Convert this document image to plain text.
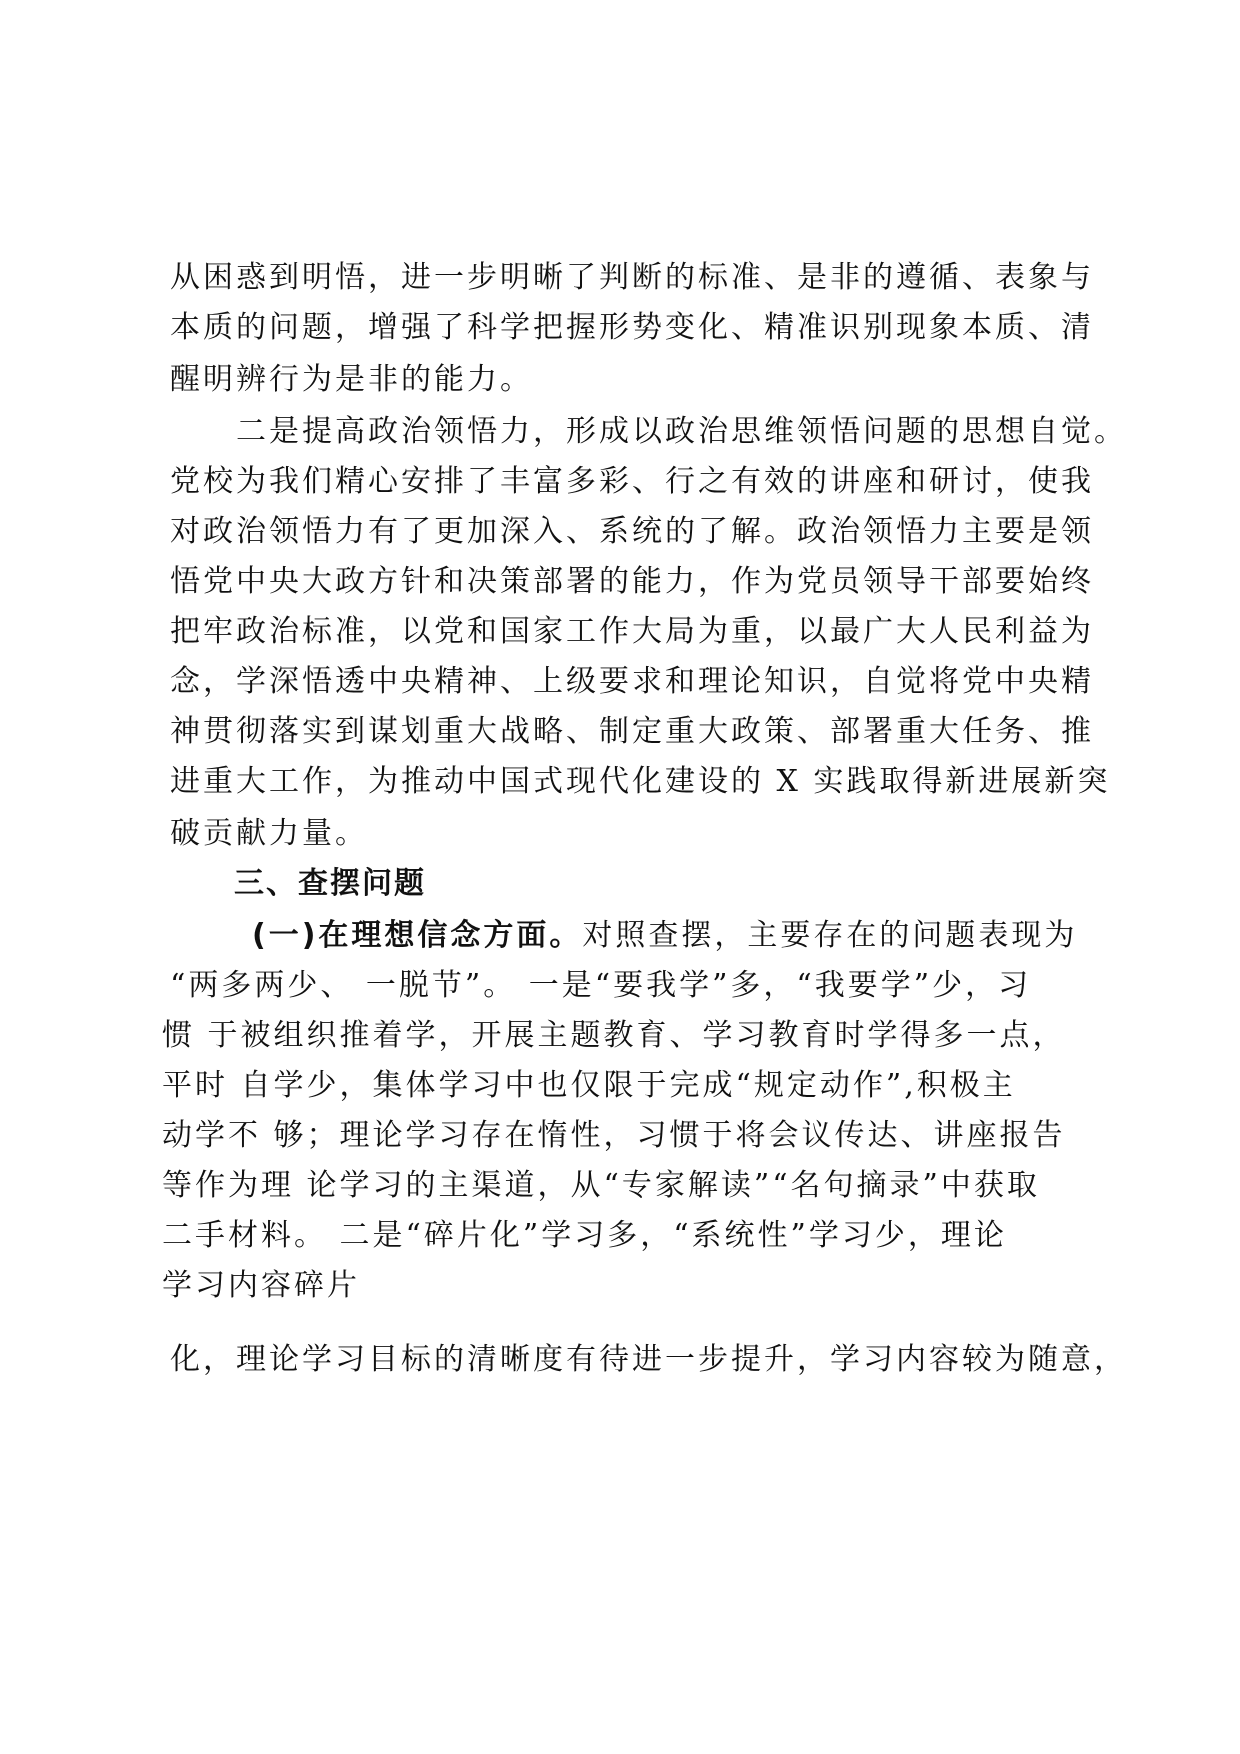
从困惑到明悟，进一步明晰了判断的标准、是非的遵循、表象与
本质的问题，增强了科学把握形势变化、精准识别现象本质、清
醒明辨行为是非的能力。
二是提高政治领悟力，形成以政治思维领悟问题的思想自觉。
党校为我们精心安排了丰富多彩、行之有效的讲座和研讨，使我
对政治领悟力有了更加深入、系统的了解。政治领悟力主要是领
悟党中央大政方针和决策部署的能力，作为党员领导干部要始终
把牢政治标准，以党和国家工作大局为重，以最广大人民利益为
念，学深悟透中央精神、上级要求和理论知识，自觉将党中央精
神贯彻落实到谋划重大战略、制定重大政策、部署重大任务、推
进重大工作，为推动中国式现代化建设的 X 实践取得新进展新突
破贡献力量。
三、查摆问题
(一)在理想信念方面。对照查摆，主要存在的问题表现为
“两多两少、 一脱节”。 一是“要我学”多，“我要学”少，习
惯 于被组织推着学，开展主题教育、学习教育时学得多一点，
平时 自学少，集体学习中也仅限于完成“规定动作”,积极主
动学不 够；理论学习存在惰性，习惯于将会议传达、讲座报告
等作为理 论学习的主渠道，从“专家解读”“名句摘录”中获取
二手材料。 二是“碎片化”学习多，“系统性”学习少，理论
学习内容碎片
化，理论学习目标的清晰度有待进一步提升，学习内容较为随意，
